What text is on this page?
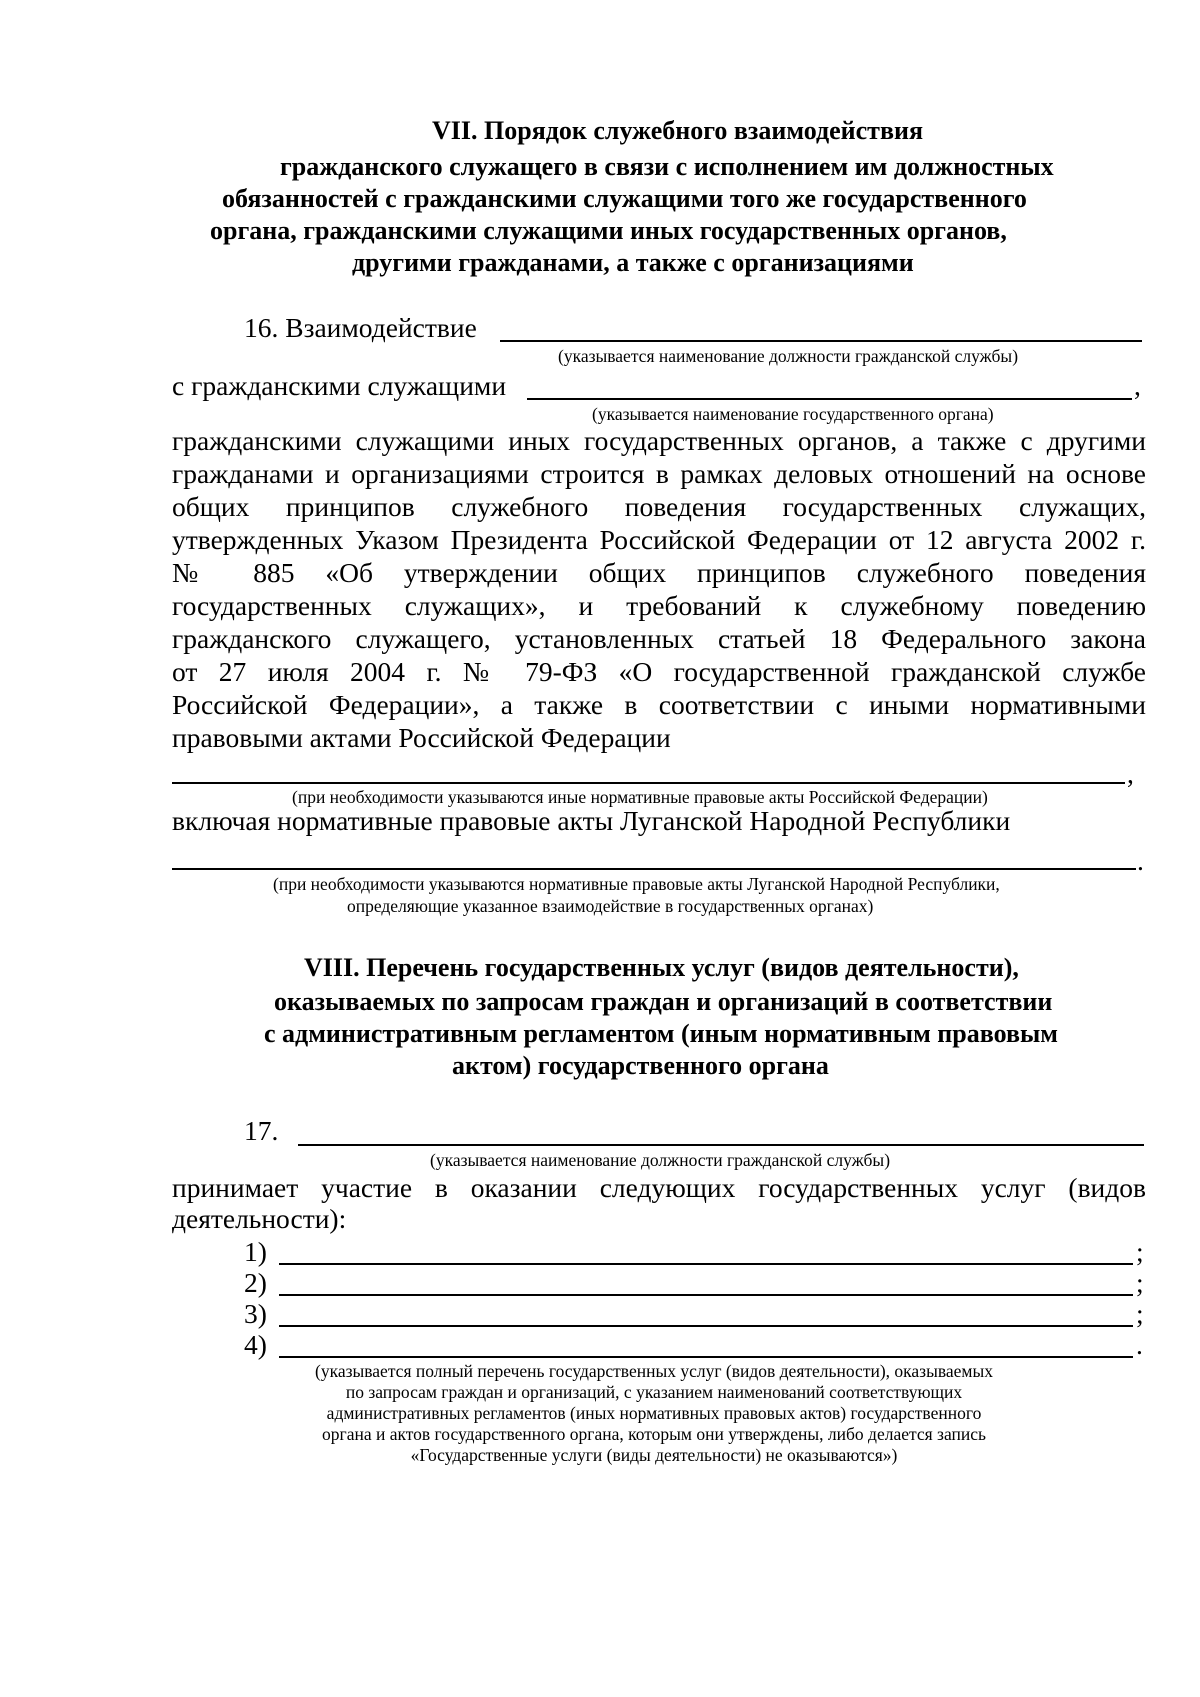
VII. Порядок служебного взаимодействия
гражданского служащего в связи с исполнением им должностных
обязанностей с гражданскими служащими того же государственного
органа, гражданскими служащими иных государственных органов,
другими гражданами, а также с организациями
16. Взаимодействие
(указывается наименование должности гражданской службы)
с гражданскими служащими	,
(указывается наименование государственного органа)
гражданскими служащими иных государственных органов, а также с другими
гражданами и организациями строится в рамках деловых отношений на основе
общих принципов служебного поведения государственных служащих,
утвержденных Указом Президента Российской Федерации от 12 августа 2002 г.
№ 885 «Об утверждении общих принципов служебного поведения
государственных служащих», и требований к служебному поведению
гражданского служащего, установленных статьей 18 Федерального закона
от 27 июля 2004 г. № 79-ФЗ «О государственной гражданской службе
Российской Федерации», а также в соответствии с иными нормативными
правовыми актами Российской Федерации
,
(при необходимости указываются иные нормативные правовые акты Российской Федерации)
включая нормативные правовые акты Луганской Народной Республики
.
(при необходимости указываются нормативные правовые акты Луганской Народной Республики,
определяющие указанное взаимодействие в государственных органах)
VIII. Перечень государственных услуг (видов деятельности),
оказываемых по запросам граждан и организаций в соответствии
с административным регламентом (иным нормативным правовым
актом) государственного органа
17.
(указывается наименование должности гражданской службы)
принимает участие в оказании следующих государственных услуг (видов
деятельности):
1)	;
2)	;
3)	;
4)	.
(указывается полный перечень государственных услуг (видов деятельности), оказываемых
по запросам граждан и организаций, с указанием наименований соответствующих
административных регламентов (иных нормативных правовых актов) государственного
органа и актов государственного органа, которым они утверждены, либо делается запись
«Государственные услуги (виды деятельности) не оказываются»)
